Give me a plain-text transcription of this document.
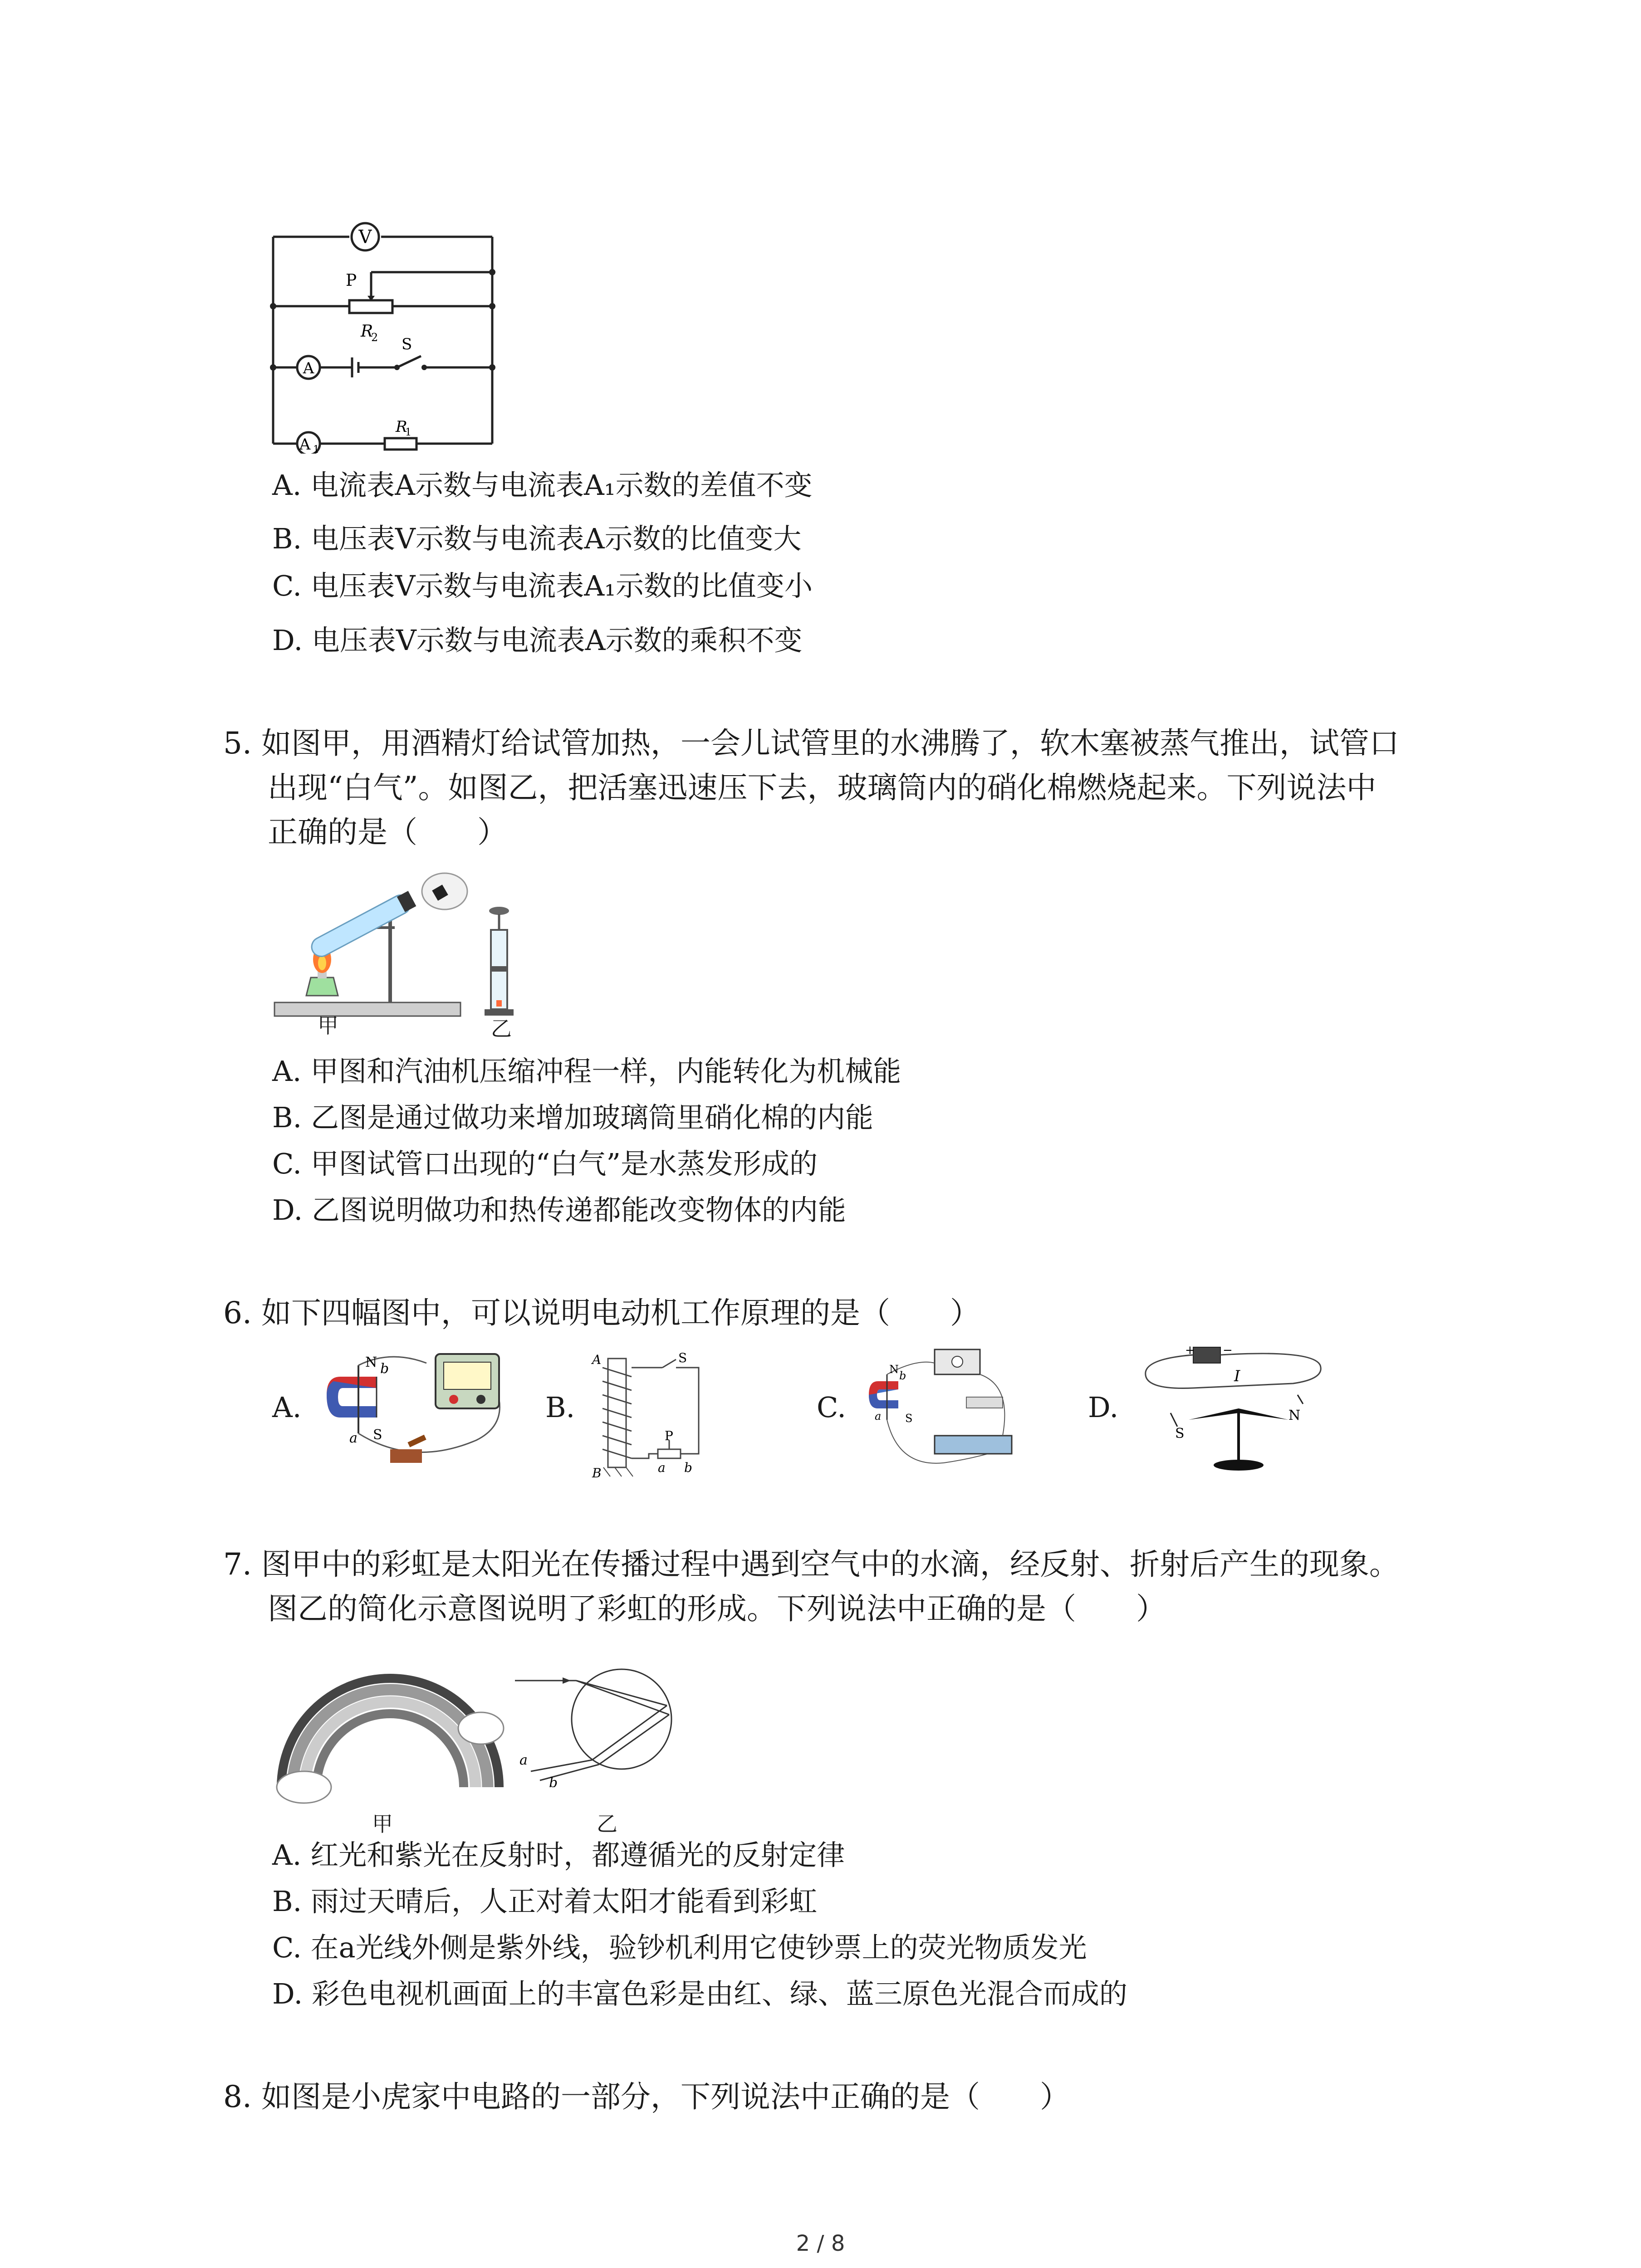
V
P
R
2
A
S
A 1
R
1
A. 电流表A示数与电流表A₁示数的差值不变
B. 电压表V示数与电流表A示数的比值变大
C. 电压表V示数与电流表A₁示数的比值变小
D. 电压表V示数与电流表A示数的乘积不变
5. 如图甲，用酒精灯给试管加热，一会儿试管里的水沸腾了，软木塞被蒸气推出，试管口
出现“白气”。如图乙，把活塞迅速压下去，玻璃筒内的硝化棉燃烧起来。下列说法中
正确的是（　　）
甲	乙
A. 甲图和汽油机压缩冲程一样，内能转化为机械能
B. 乙图是通过做功来增加玻璃筒里硝化棉的内能
C. 甲图试管口出现的“白气”是水蒸发形成的
D. 乙图说明做功和热传递都能改变物体的内能
6. 如下四幅图中，可以说明电动机工作原理的是（　　）
A.
N b
a S
B.
A	S
P
B	a b
C.
N b
a S	D.
+ −
I
S
N
7. 图甲中的彩虹是太阳光在传播过程中遇到空气中的水滴，经反射、折射后产生的现象。
图乙的简化示意图说明了彩虹的形成。下列说法中正确的是（　　）
甲
a
b
乙
A. 红光和紫光在反射时，都遵循光的反射定律
B. 雨过天晴后，人正对着太阳才能看到彩虹
C. 在a光线外侧是紫外线，验钞机利用它使钞票上的荧光物质发光
D. 彩色电视机画面上的丰富色彩是由红、绿、蓝三原色光混合而成的
8. 如图是小虎家中电路的一部分，下列说法中正确的是（　　）
2 / 8
